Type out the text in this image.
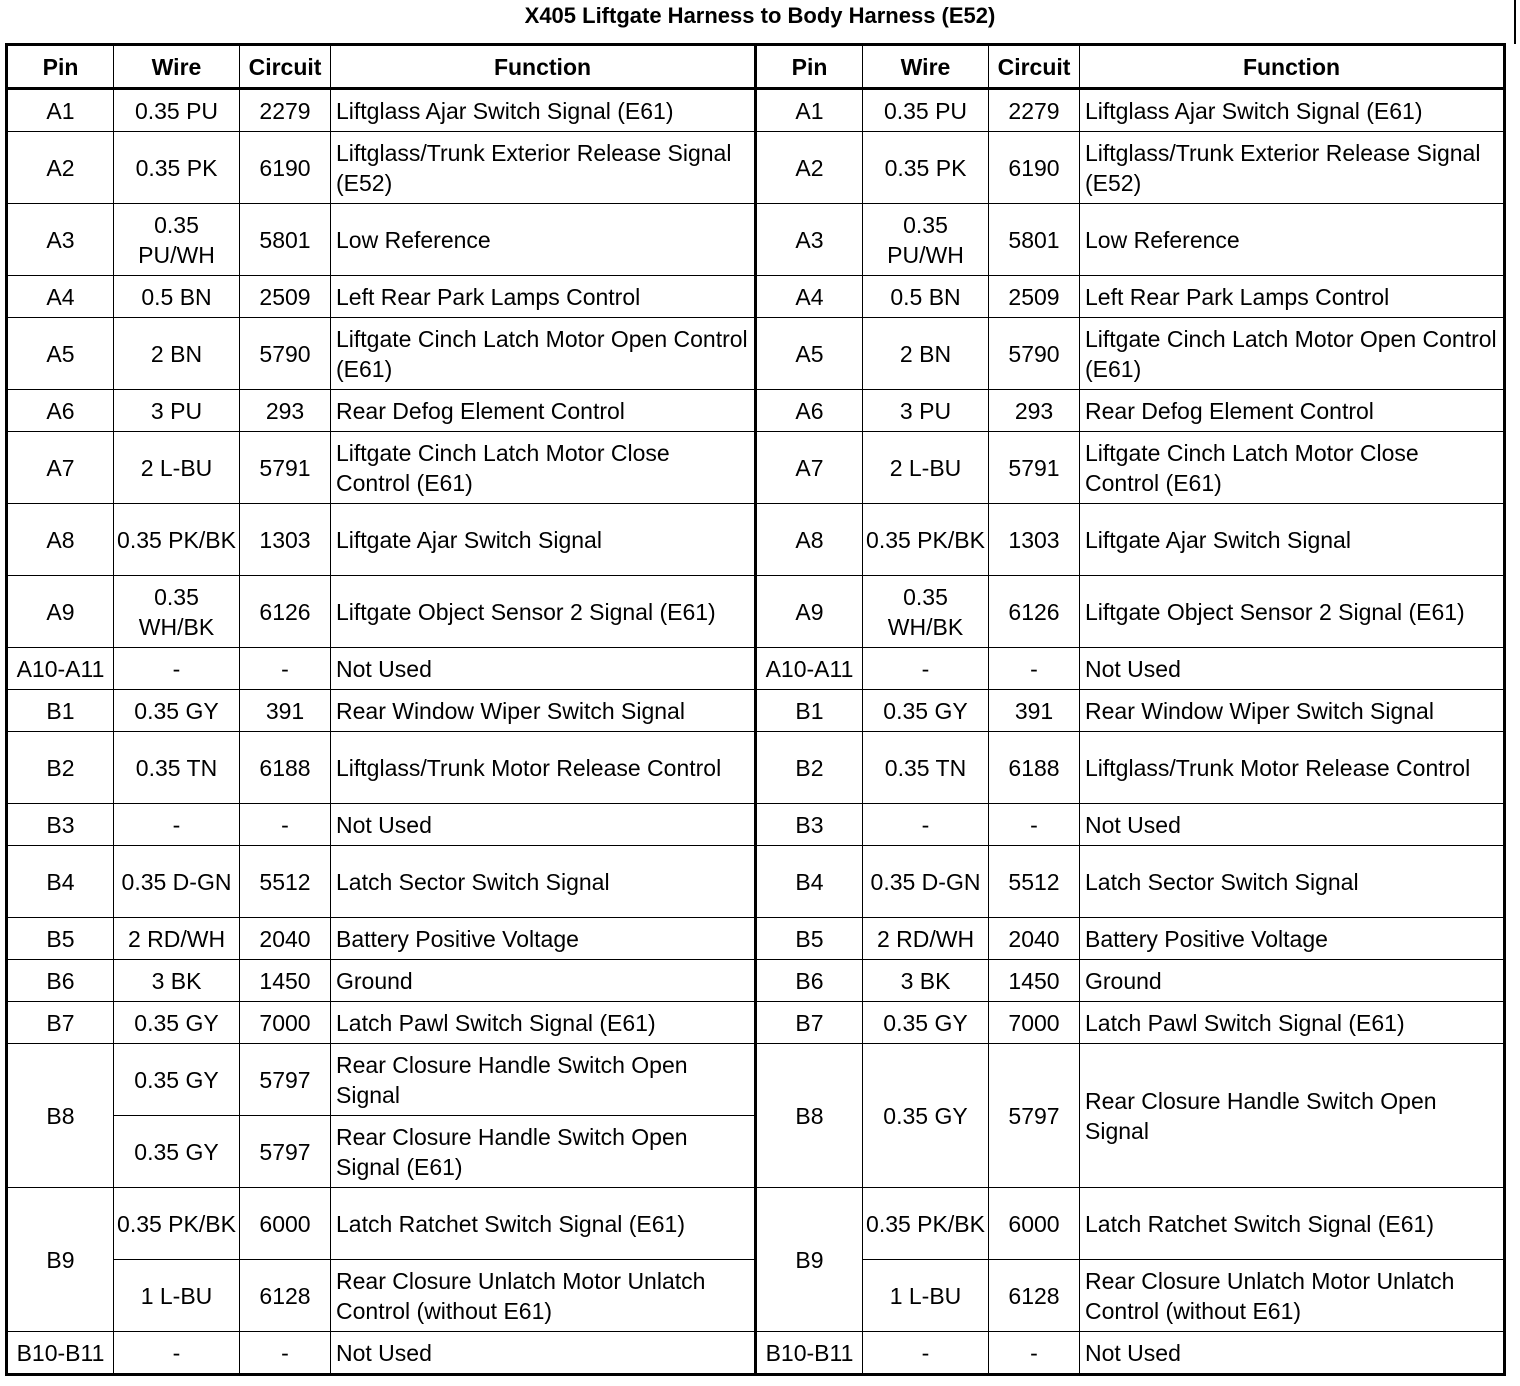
X405 Liftgate Harness to Body Harness (E52)
Pin	Wire	Circuit	Function	Pin	Wire	Circuit	Function
A1	0.35 PU	2279	Liftglass Ajar Switch Signal (E61)	A1	0.35 PU	2279	Liftglass Ajar Switch Signal (E61)
A2	0.35 PK	6190	Liftglass/Trunk Exterior Release Signal (E52)	A2	0.35 PK	6190	Liftglass/Trunk Exterior Release Signal (E52)
A3	0.35 PU/WH	5801	Low Reference	A3	0.35 PU/WH	5801	Low Reference
A4	0.5 BN	2509	Left Rear Park Lamps Control	A4	0.5 BN	2509	Left Rear Park Lamps Control
A5	2 BN	5790	Liftgate Cinch Latch Motor Open Control (E61)	A5	2 BN	5790	Liftgate Cinch Latch Motor Open Control (E61)
A6	3 PU	293	Rear Defog Element Control	A6	3 PU	293	Rear Defog Element Control
A7	2 L-BU	5791	Liftgate Cinch Latch Motor Close Control (E61)	A7	2 L-BU	5791	Liftgate Cinch Latch Motor Close Control (E61)
A8	0.35 PK/BK	1303	Liftgate Ajar Switch Signal	A8	0.35 PK/BK	1303	Liftgate Ajar Switch Signal
A9	0.35 WH/BK	6126	Liftgate Object Sensor 2 Signal (E61)	A9	0.35 WH/BK	6126	Liftgate Object Sensor 2 Signal (E61)
A10-A11	-	-	Not Used	A10-A11	-	-	Not Used
B1	0.35 GY	391	Rear Window Wiper Switch Signal	B1	0.35 GY	391	Rear Window Wiper Switch Signal
B2	0.35 TN	6188	Liftglass/Trunk Motor Release Control	B2	0.35 TN	6188	Liftglass/Trunk Motor Release Control
B3	-	-	Not Used	B3	-	-	Not Used
B4	0.35 D-GN	5512	Latch Sector Switch Signal	B4	0.35 D-GN	5512	Latch Sector Switch Signal
B5	2 RD/WH	2040	Battery Positive Voltage	B5	2 RD/WH	2040	Battery Positive Voltage
B6	3 BK	1450	Ground	B6	3 BK	1450	Ground
B7	0.35 GY	7000	Latch Pawl Switch Signal (E61)	B7	0.35 GY	7000	Latch Pawl Switch Signal (E61)
B8	0.35 GY	5797	Rear Closure Handle Switch Open Signal	B8	0.35 GY	5797	Rear Closure Handle Switch Open Signal
	0.35 GY	5797	Rear Closure Handle Switch Open Signal (E61)				
B9	0.35 PK/BK	6000	Latch Ratchet Switch Signal (E61)	B9	0.35 PK/BK	6000	Latch Ratchet Switch Signal (E61)
	1 L-BU	6128	Rear Closure Unlatch Motor Unlatch Control (without E61)		1 L-BU	6128	Rear Closure Unlatch Motor Unlatch Control (without E61)
B10-B11	-	-	Not Used	B10-B11	-	-	Not Used
